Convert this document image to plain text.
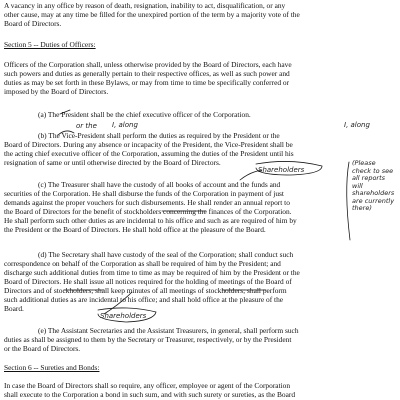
A vacancy in any office by reason of death, resignation, inability to act, disqualification, or any
other cause, may at any time be filled for the unexpired portion of the term by a majority vote of the
Board of Directors.
Section 5 -- Duties of Officers:
Officers of the Corporation shall, unless otherwise provided by the Board of Directors, each have
such powers and duties as generally pertain to their respective offices, as well as such power and
duties as may be set forth in these Bylaws, or may from time to time be specifically conferred or
imposed by the Board of Directors.
(a) The President shall be the chief executive officer of the Corporation.
(b) The Vice-President shall perform the duties as required by the President or the
Board of Directors. During any absence or incapacity of the President, the Vice-President shall be
the acting chief executive officer of the Corporation, assuming the duties of the President until his
resignation of same or until otherwise directed by the Board of Directors.
(c) The Treasurer shall have the custody of all books of account and the funds and
securities of the Corporation. He shall disburse the funds of the Corporation in payment of just
demands against the proper vouchers for such disbursements. He shall render an annual report to
the Board of Directors for the benefit of stockholders concerning the finances of the Corporation.
He shall perform such other duties as are incidental to his office and such as are required of him by
the President or the Board of Directors. He shall hold office at the pleasure of the Board.
(d) The Secretary shall have custody of the seal of the Corporation; shall conduct such
correspondence on behalf of the Corporation as shall be required of him by the President; and
discharge such additional duties from time to time as may be required of him by the President or the
Board of Directors. He shall issue all notices required for the holding of meetings of the Board of
Directors and of stockholders; shall keep minutes of all meetings of stockholders; shall perform
such additional duties as are incidental to his office; and shall hold office at the pleasure of the
Board.
(e) The Assistant Secretaries and the Assistant Treasurers, in general, shall perform such
duties as shall be assigned to them by the Secretary or Treasurer, respectively, or by the President
or the Board of Directors.
Section 6 -- Sureties and Bonds:
In case the Board of Directors shall so require, any officer, employee or agent of the Corporation
shall execute to the Corporation a bond in such sum, and with such surety or sureties, as the Board
or the I, along	I, along
Shareholders
(Please check to see all reports will shareholders are currently there)
Shareholders
